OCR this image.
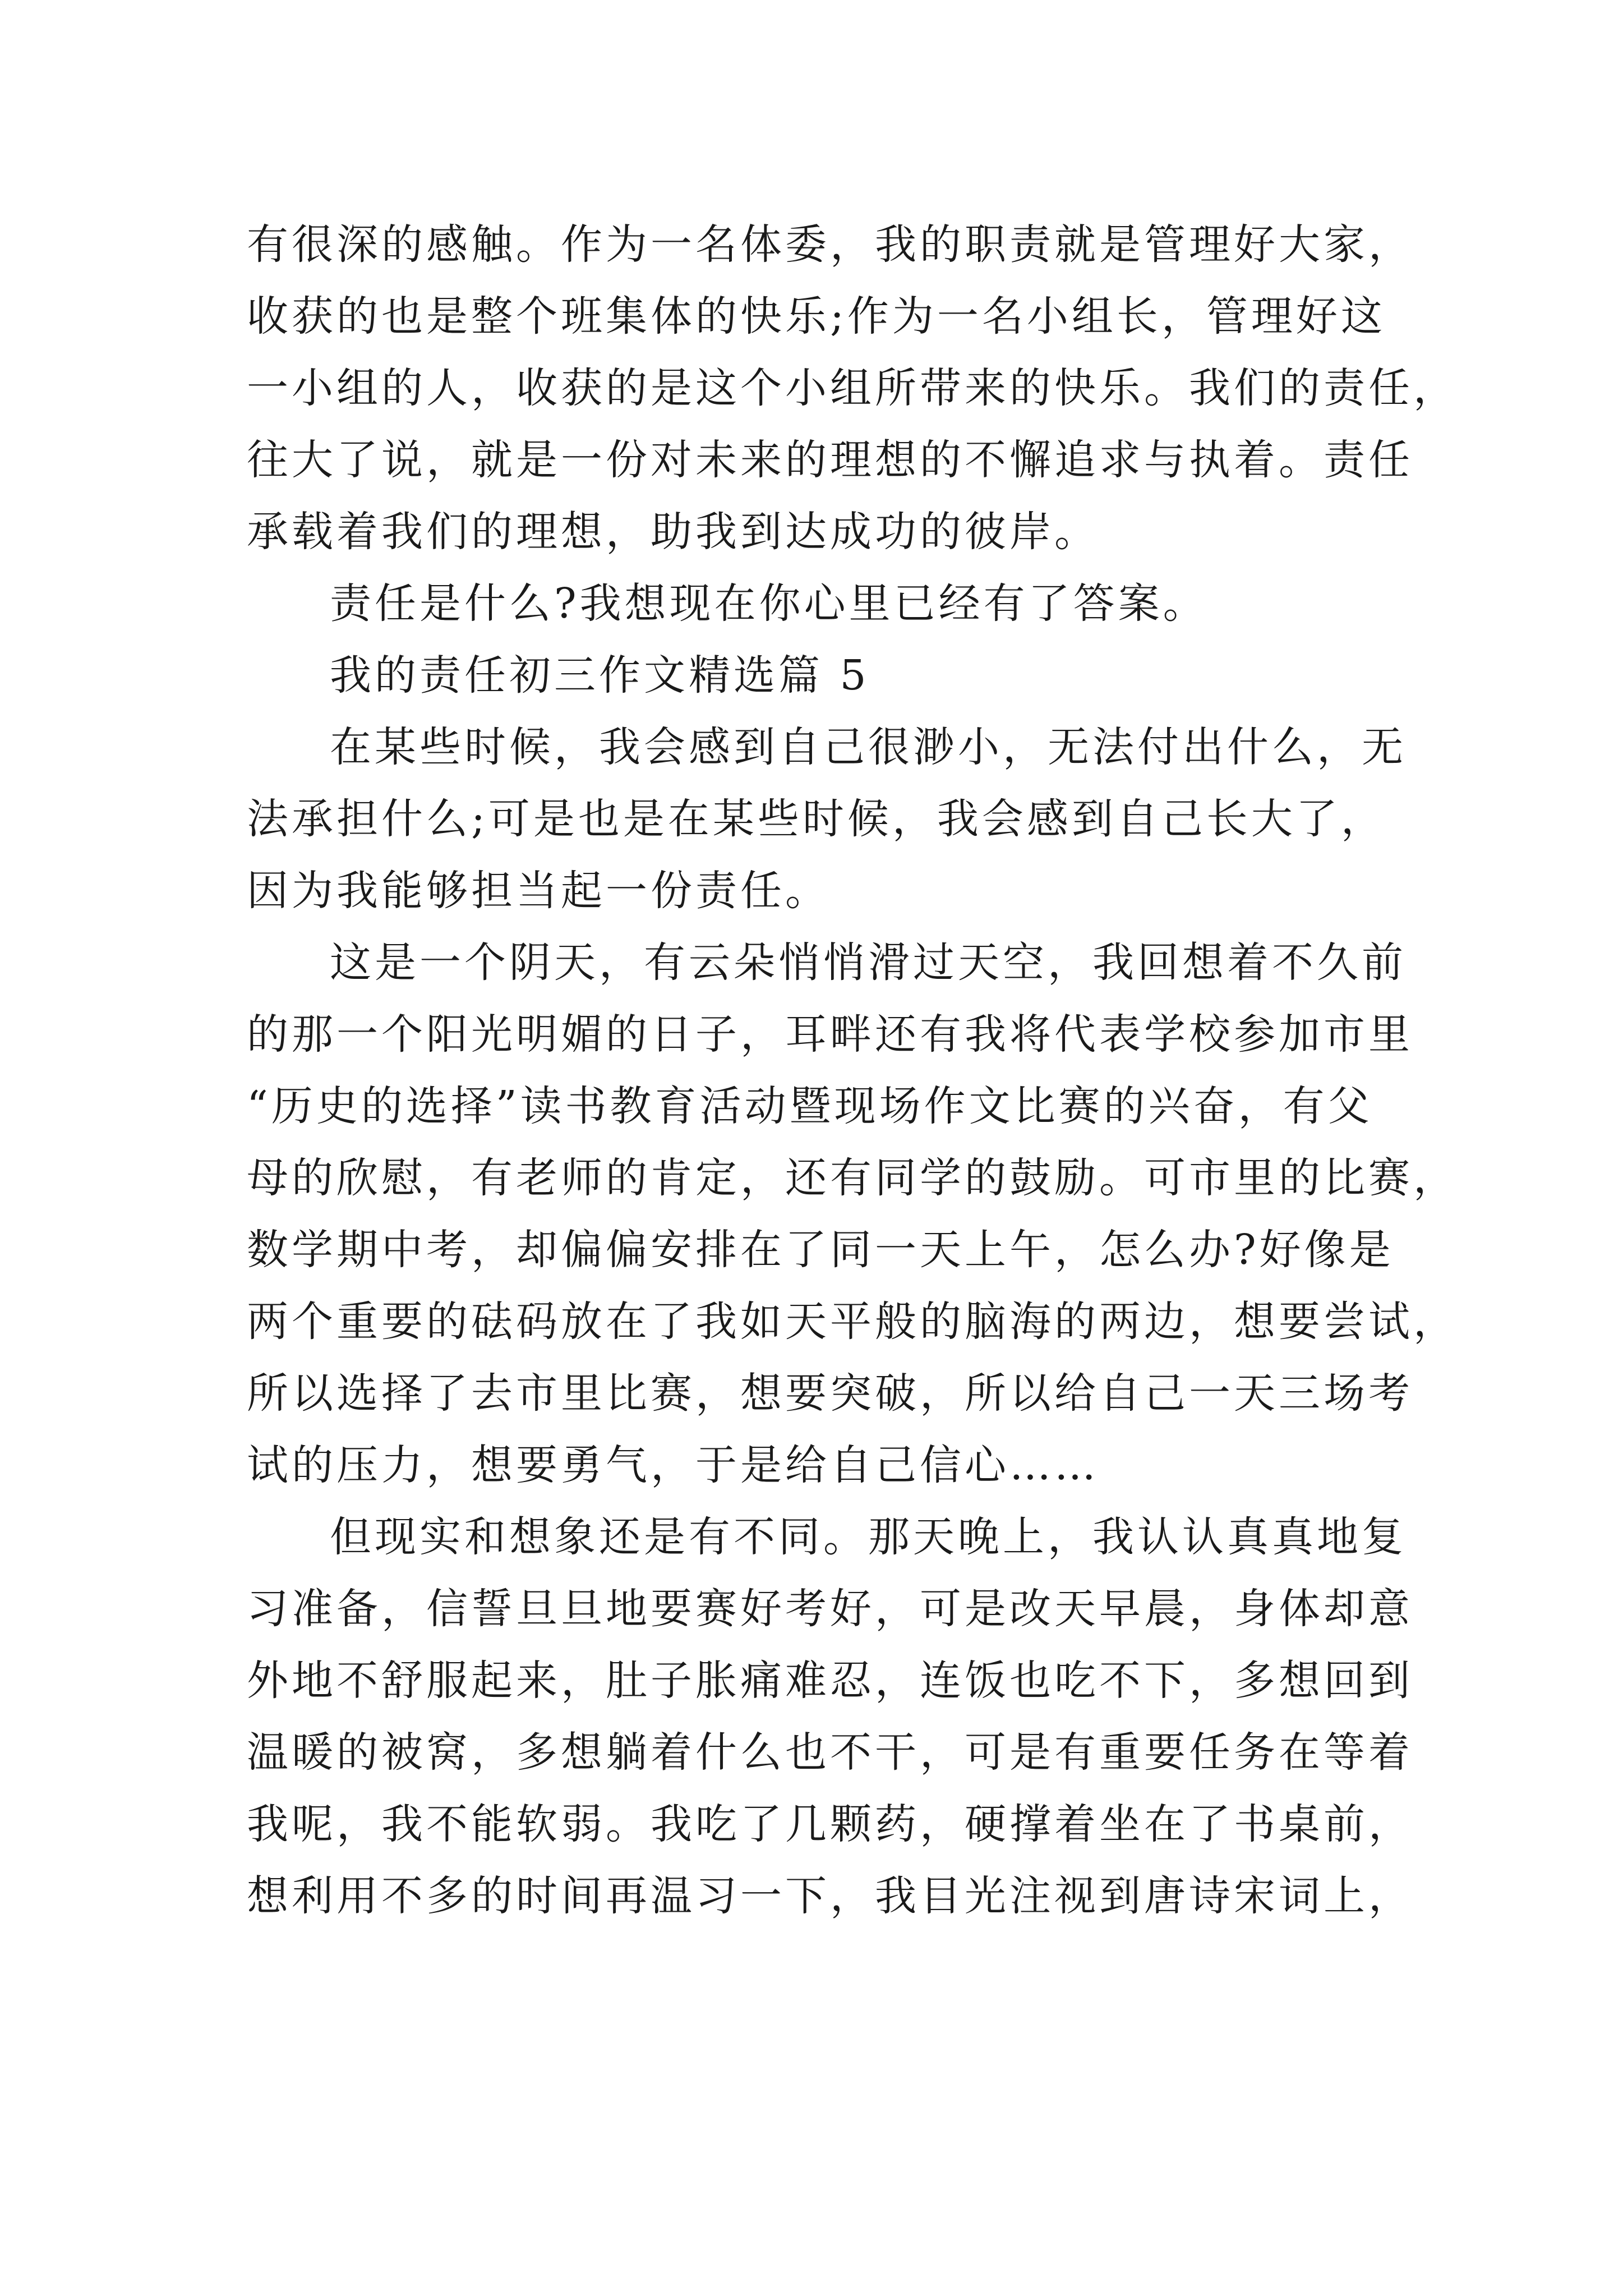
有很深的感触。作为一名体委，我的职责就是管理好大家，
收获的也是整个班集体的快乐;作为一名小组长，管理好这
一小组的人，收获的是这个小组所带来的快乐。我们的责任，
往大了说，就是一份对未来的理想的不懈追求与执着。责任
承载着我们的理想，助我到达成功的彼岸。
责任是什么?我想现在你心里已经有了答案。
我的责任初三作文精选篇 5
在某些时候，我会感到自己很渺小，无法付出什么，无
法承担什么;可是也是在某些时候，我会感到自己长大了，
因为我能够担当起一份责任。
这是一个阴天，有云朵悄悄滑过天空，我回想着不久前
的那一个阳光明媚的日子，耳畔还有我将代表学校参加市里
“历史的选择”读书教育活动暨现场作文比赛的兴奋，有父
母的欣慰，有老师的肯定，还有同学的鼓励。可市里的比赛，
数学期中考，却偏偏安排在了同一天上午，怎么办?好像是
两个重要的砝码放在了我如天平般的脑海的两边，想要尝试，
所以选择了去市里比赛，想要突破，所以给自己一天三场考
试的压力，想要勇气，于是给自己信心……
但现实和想象还是有不同。那天晚上，我认认真真地复
习准备，信誓旦旦地要赛好考好，可是改天早晨，身体却意
外地不舒服起来，肚子胀痛难忍，连饭也吃不下，多想回到
温暖的被窝，多想躺着什么也不干，可是有重要任务在等着
我呢，我不能软弱。我吃了几颗药，硬撑着坐在了书桌前，
想利用不多的时间再温习一下，我目光注视到唐诗宋词上，
